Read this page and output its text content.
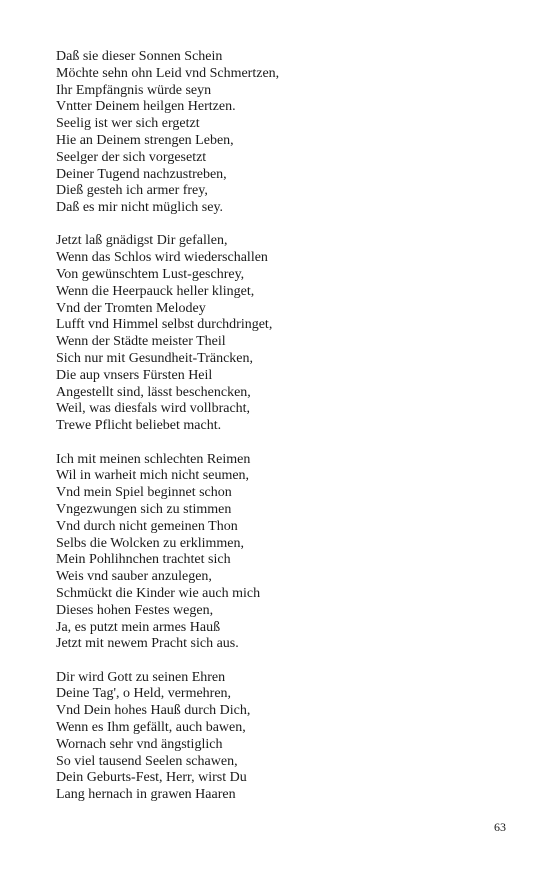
Daß sie dieser Sonnen Schein
Möchte sehn ohn Leid vnd Schmertzen,
Ihr Empfängnis würde seyn
Vntter Deinem heilgen Hertzen.
Seelig ist wer sich ergetzt
Hie an Deinem strengen Leben,
Seelger der sich vorgesetzt
Deiner Tugend nachzustreben,
Dieß gesteh ich armer frey,
Daß es mir nicht müglich sey.
Jetzt laß gnädigst Dir gefallen,
Wenn das Schlos wird wiederschallen
Von gewünschtem Lust-geschrey,
Wenn die Heerpauck heller klinget,
Vnd der Tromten Melodey
Lufft vnd Himmel selbst durchdringet,
Wenn der Städte meister Theil
Sich nur mit Gesundheit-Träncken,
Die aup vnsers Fürsten Heil
Angestellt sind, lässt beschencken,
Weil, was diesfals wird vollbracht,
Trewe Pflicht beliebet macht.
Ich mit meinen schlechten Reimen
Wil in warheit mich nicht seumen,
Vnd mein Spiel beginnet schon
Vngezwungen sich zu stimmen
Vnd durch nicht gemeinen Thon
Selbs die Wolcken zu erklimmen,
Mein Pohlihnchen trachtet sich
Weis vnd sauber anzulegen,
Schmückt die Kinder wie auch mich
Dieses hohen Festes wegen,
Ja, es putzt mein armes Hauß
Jetzt mit newem Pracht sich aus.
Dir wird Gott zu seinen Ehren
Deine Tag', o Held, vermehren,
Vnd Dein hohes Hauß durch Dich,
Wenn es Ihm gefällt, auch bawen,
Wornach sehr vnd ängstiglich
So viel tausend Seelen schawen,
Dein Geburts-Fest, Herr, wirst Du
Lang hernach in grawen Haaren
63
